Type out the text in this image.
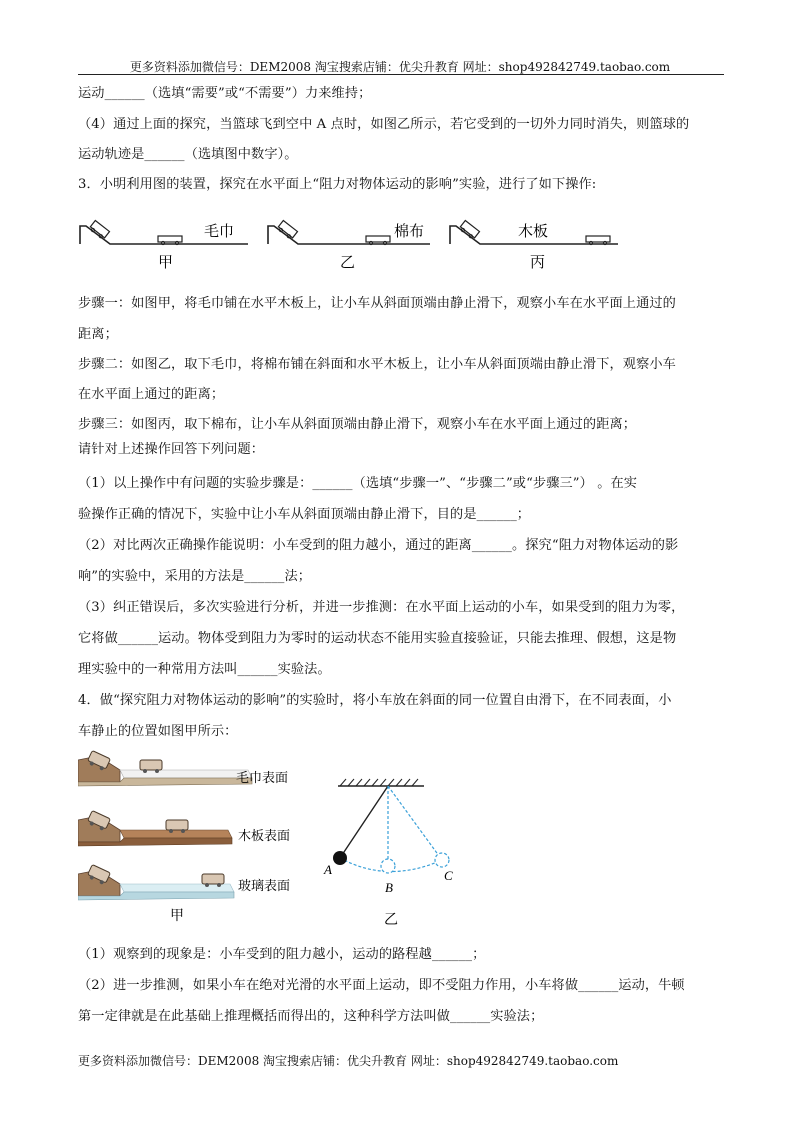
更多资料添加微信号：DEM2008 淘宝搜索店铺：优尖升教育 网址：shop492842749.taobao.com
运动______（选填“需要”或“不需要”）力来维持；
（4）通过上面的探究，当篮球飞到空中 A 点时，如图乙所示，若它受到的一切外力同时消失，则篮球的
运动轨迹是______（选填图中数字）。
3．小明利用图的装置，探究在水平面上“阻力对物体运动的影响”实验，进行了如下操作:
毛巾
甲
棉布
乙
木板
丙
步骤一：如图甲，将毛巾铺在水平木板上，让小车从斜面顶端由静止滑下，观察小车在水平面上通过的
距离；
步骤二：如图乙，取下毛巾，将棉布铺在斜面和水平木板上，让小车从斜面顶端由静止滑下，观察小车
在水平面上通过的距离；
步骤三：如图丙，取下棉布，让小车从斜面顶端由静止滑下，观察小车在水平面上通过的距离；
请针对上述操作回答下列问题：
（1）以上操作中有问题的实验步骤是：______（选填“步骤一”、“步骤二”或“步骤三”） 。在实
验操作正确的情况下，实验中让小车从斜面顶端由静止滑下，目的是______；
（2）对比两次正确操作能说明：小车受到的阻力越小，通过的距离______。探究“阻力对物体运动的影
响”的实验中，采用的方法是______法；
（3）纠正错误后，多次实验进行分析，并进一步推测：在水平面上运动的小车，如果受到的阻力为零，
它将做______运动。物体受到阻力为零时的运动状态不能用实验直接验证，只能去推理、假想，这是物
理实验中的一种常用方法叫______实验法。
4．做“探究阻力对物体运动的影响”的实验时，将小车放在斜面的同一位置自由滑下，在不同表面，小
车静止的位置如图甲所示：
毛巾表面
木板表面
玻璃表面
甲
A
B
C
乙
（1）观察到的现象是：小车受到的阻力越小，运动的路程越______；
（2）进一步推测，如果小车在绝对光滑的水平面上运动，即不受阻力作用，小车将做______运动，牛顿
第一定律就是在此基础上推理概括而得出的，这种科学方法叫做______实验法；
更多资料添加微信号：DEM2008 淘宝搜索店铺：优尖升教育 网址：shop492842749.taobao.com
